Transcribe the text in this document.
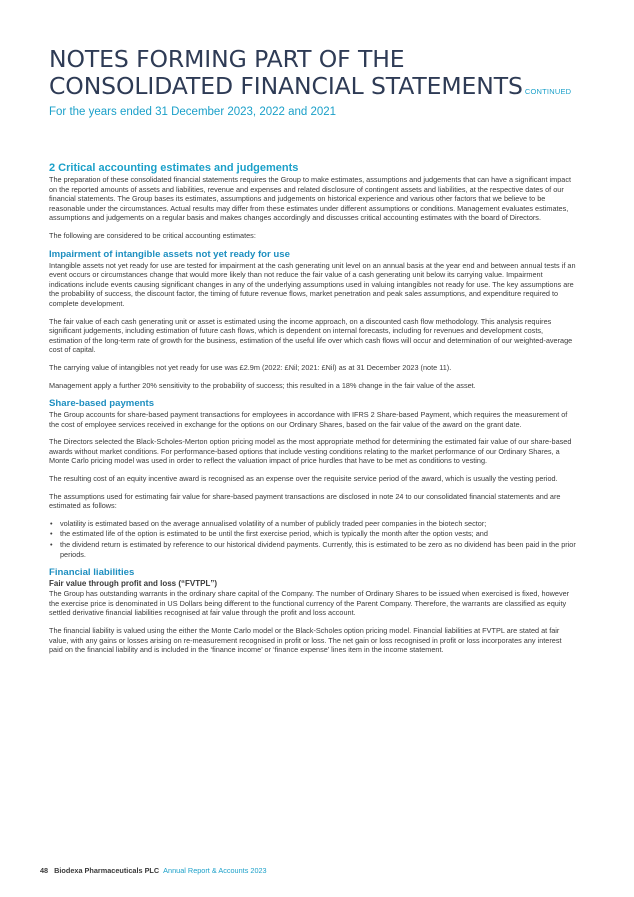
NOTES FORMING PART OF THE
CONSOLIDATED FINANCIAL STATEMENTS CONTINUED
For the years ended 31 December 2023, 2022 and 2021
2 Critical accounting estimates and judgements

The preparation of these consolidated financial statements requires the Group to make estimates, assumptions and judgements that can have a significant impact on the reported amounts of assets and liabilities, revenue and expenses and related disclosure of contingent assets and liabilities, at the respective dates of our financial statements. The Group bases its estimates, assumptions and judgements on historical experience and various other factors that we believe to be reasonable under the circumstances. Actual results may differ from these estimates under different assumptions or conditions. Management evaluates estimates, assumptions and judgements on a regular basis and makes changes accordingly and discusses critical accounting estimates with the board of Directors.

The following are considered to be critical accounting estimates:

Impairment of intangible assets not yet ready for use

Intangible assets not yet ready for use are tested for impairment at the cash generating unit level on an annual basis at the year end and between annual tests if an event occurs or circumstances change that would more likely than not reduce the fair value of a cash generating unit below its carrying value. Impairment indications include events causing significant changes in any of the underlying assumptions used in valuing intangibles not ready for use. The key assumptions are the probability of success, the discount factor, the timing of future revenue flows, market penetration and peak sales assumptions, and expenditure required to complete development.

The fair value of each cash generating unit or asset is estimated using the income approach, on a discounted cash flow methodology. This analysis requires significant judgements, including estimation of future cash flows, which is dependent on internal forecasts, including for revenues and development costs, estimation of the long-term rate of growth for the business, estimation of the useful life over which cash flows will occur and determination of our weighted-average cost of capital.

The carrying value of intangibles not yet ready for use was £2.9m (2022: £Nil; 2021: £Nil) as at 31 December 2023 (note 11).

Management apply a further 20% sensitivity to the probability of success; this resulted in a 18% change in the fair value of the asset.

Share-based payments

The Group accounts for share-based payment transactions for employees in accordance with IFRS 2 Share-based Payment, which requires the measurement of the cost of employee services received in exchange for the options on our Ordinary Shares, based on the fair value of the award on the grant date.

The Directors selected the Black-Scholes-Merton option pricing model as the most appropriate method for determining the estimated fair value of our share-based awards without market conditions. For performance-based options that include vesting conditions relating to the market performance of our Ordinary Shares, a Monte Carlo pricing model was used in order to reflect the valuation impact of price hurdles that have to be met as conditions to vesting.

The resulting cost of an equity incentive award is recognised as an expense over the requisite service period of the award, which is usually the vesting period.

The assumptions used for estimating fair value for share-based payment transactions are disclosed in note 24 to our consolidated financial statements and are estimated as follows:

• volatility is estimated based on the average annualised volatility of a number of publicly traded peer companies in the biotech sector;
• the estimated life of the option is estimated to be until the first exercise period, which is typically the month after the option vests; and
• the dividend return is estimated by reference to our historical dividend payments. Currently, this is estimated to be zero as no dividend has been paid in the prior periods.
Financial liabilities
Fair value through profit and loss (“FVTPL”)

The Group has outstanding warrants in the ordinary share capital of the Company. The number of Ordinary Shares to be issued when exercised is fixed, however the exercise price is denominated in US Dollars being different to the functional currency of the Parent Company. Therefore, the warrants are classified as equity settled derivative financial liabilities recognised at fair value through the profit and loss account.

The financial liability is valued using the either the Monte Carlo model or the Black-Scholes option pricing model. Financial liabilities at FVTPL are stated at fair value, with any gains or losses arising on re-measurement recognised in profit or loss. The net gain or loss recognised in profit or loss incorporates any interest paid on the financial liability and is included in the ‘finance income’ or ‘finance expense’ lines item in the income statement.

48 Biodexa Pharmaceuticals PLC Annual Report & Accounts 2023
